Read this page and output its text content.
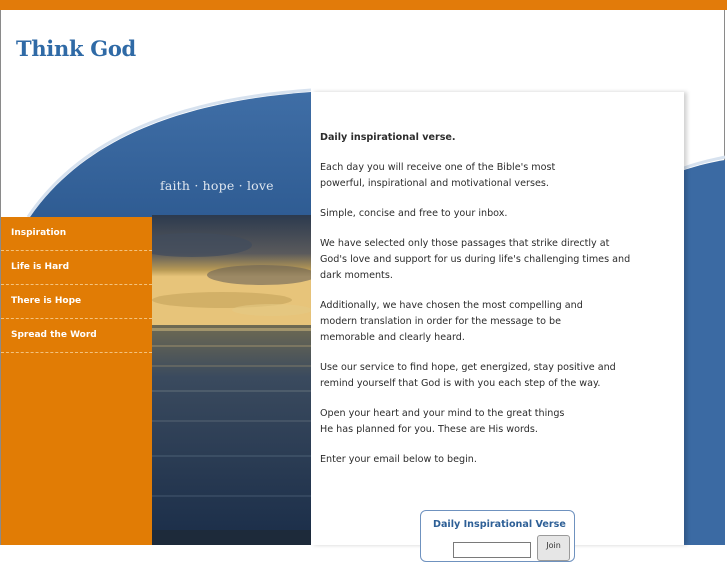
Think God
faith · hope · love
Inspiration
Life is Hard
There is Hope
Spread the Word

Daily inspirational verse.

Each day you will receive one of the Bible's most
powerful, inspirational and motivational verses.

Simple, concise and free to your inbox.

We have selected only those passages that strike directly at
God's love and support for us during life's challenging times and
dark moments.

Additionally, we have chosen the most compelling and
modern translation in order for the message to be
memorable and clearly heard.

Use our service to find hope, get energized, stay positive and
remind yourself that God is with you each step of the way.

Open your heart and your mind to the great things
He has planned for you. These are His words.

Enter your email below to begin.

Daily Inspirational Verse
Join
